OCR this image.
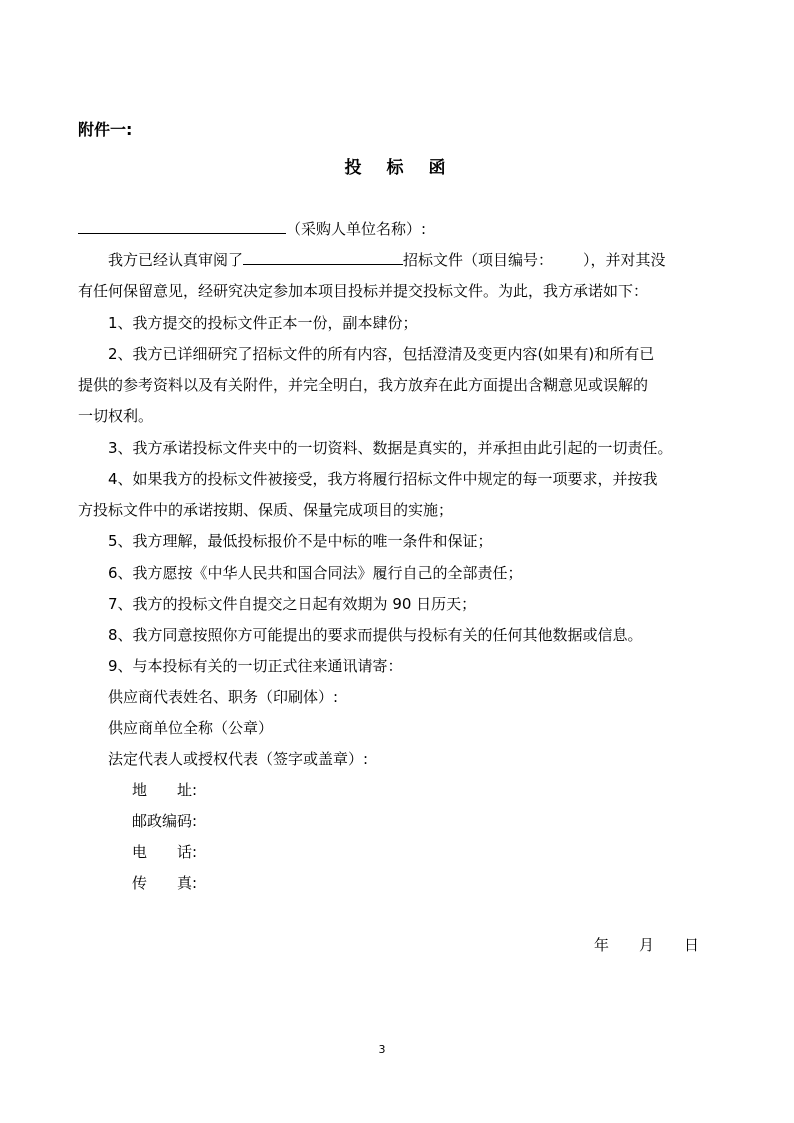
附件一:
投　标　函
（采购人单位名称）:
我方已经认真审阅了	招标文件（项目编号： ），并对其没
有任何保留意见，经研究决定参加本项目投标并提交投标文件。为此，我方承诺如下：
1、我方提交的投标文件正本一份，副本肆份；
2、我方已详细研究了招标文件的所有内容，包括澄清及变更内容(如果有)和所有已
提供的参考资料以及有关附件，并完全明白，我方放弃在此方面提出含糊意见或误解的
一切权利。
3、我方承诺投标文件夹中的一切资料、数据是真实的，并承担由此引起的一切责任。
4、如果我方的投标文件被接受，我方将履行招标文件中规定的每一项要求，并按我
方投标文件中的承诺按期、保质、保量完成项目的实施；
5、我方理解，最低投标报价不是中标的唯一条件和保证；
6、我方愿按《中华人民共和国合同法》履行自己的全部责任；
7、我方的投标文件自提交之日起有效期为 90 日历天；
8、我方同意按照你方可能提出的要求而提供与投标有关的任何其他数据或信息。
9、与本投标有关的一切正式往来通讯请寄：
供应商代表姓名、职务（印刷体）:
供应商单位全称（公章）
法定代表人或授权代表（签字或盖章）:
地　　址:
邮政编码:
电　　话:
传　　真:
年　　月　　日
3
